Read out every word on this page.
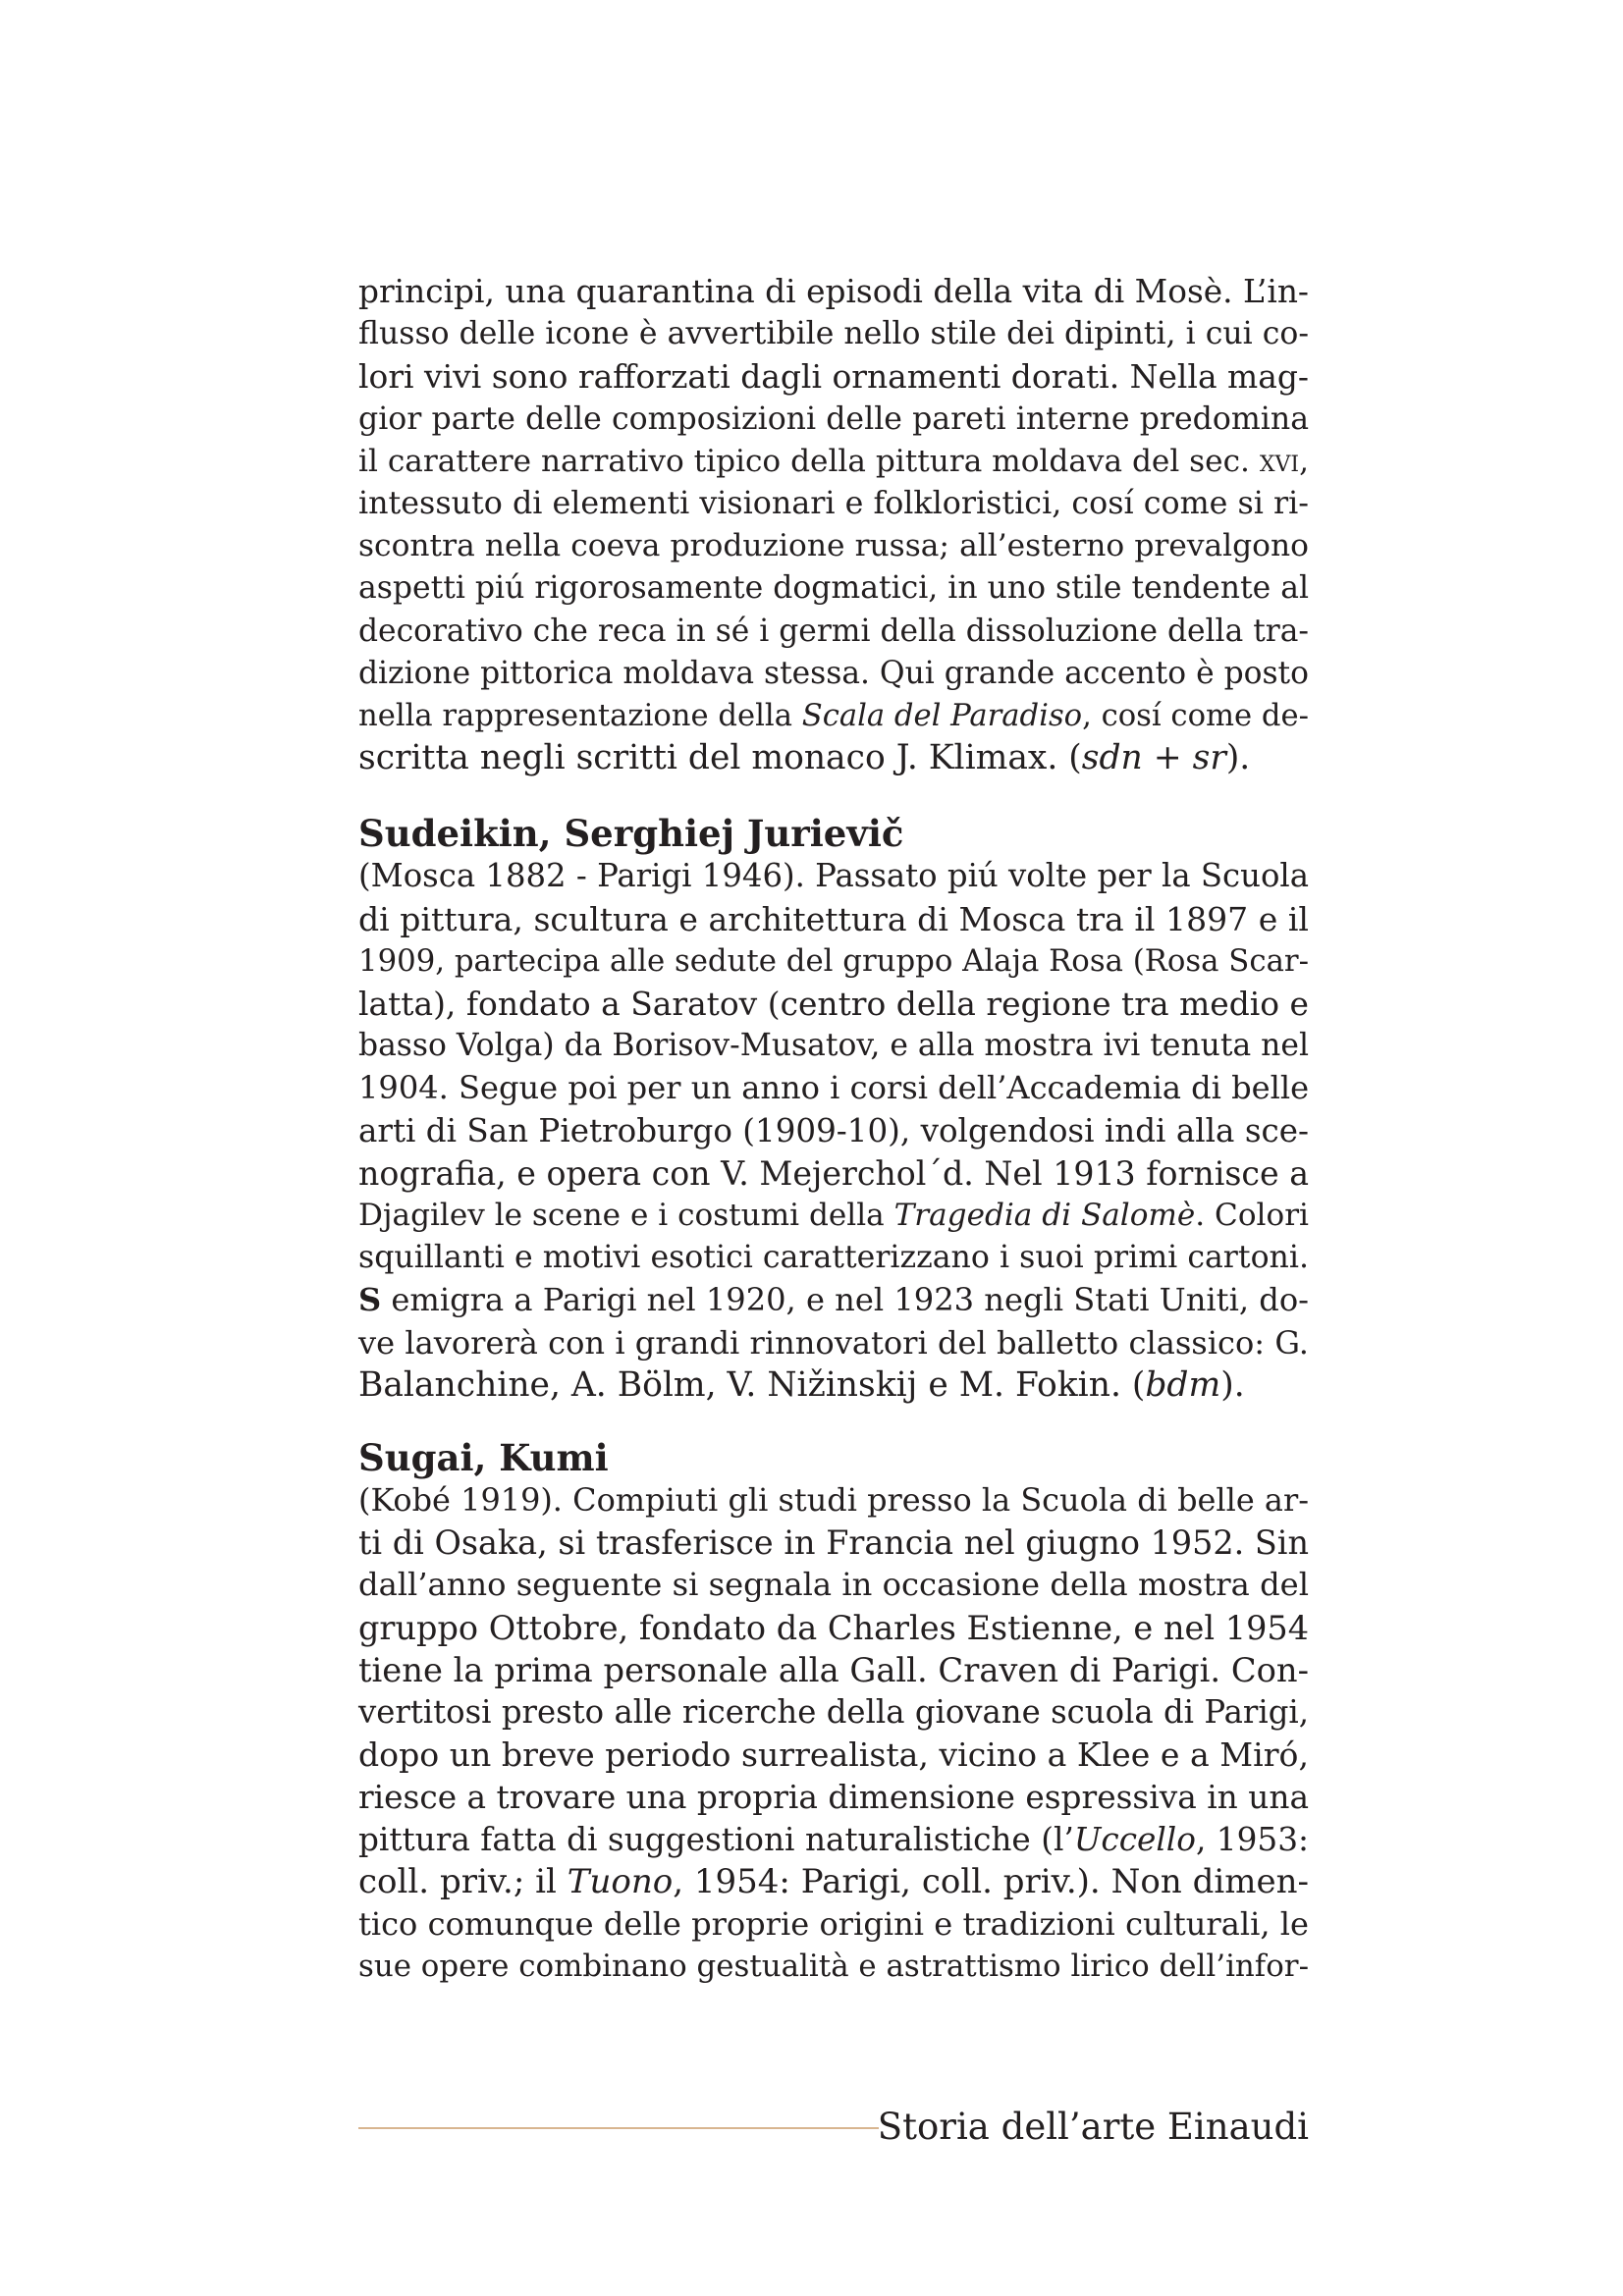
principi, una quarantina di episodi della vita di Mosè. L’in-
flusso delle icone è avvertibile nello stile dei dipinti, i cui co-
lori vivi sono rafforzati dagli ornamenti dorati. Nella mag-
gior parte delle composizioni delle pareti interne predomina
il carattere narrativo tipico della pittura moldava del sec. xvi,
intessuto di elementi visionari e folkloristici, cosí come si ri-
scontra nella coeva produzione russa; all’esterno prevalgono
aspetti piú rigorosamente dogmatici, in uno stile tendente al
decorativo che reca in sé i germi della dissoluzione della tra-
dizione pittorica moldava stessa. Qui grande accento è posto
nella rappresentazione della Scala del Paradiso, cosí come de-
scritta negli scritti del monaco J. Klimax. (sdn + sr).

Sudeikin, Serghiej Jurievič

(Mosca 1882 - Parigi 1946). Passato piú volte per la Scuola
di pittura, scultura e architettura di Mosca tra il 1897 e il
1909, partecipa alle sedute del gruppo Alaja Rosa (Rosa Scar-
latta), fondato a Saratov (centro della regione tra medio e
basso Volga) da Borisov-Musatov, e alla mostra ivi tenuta nel
1904. Segue poi per un anno i corsi dell’Accademia di belle
arti di San Pietroburgo (1909-10), volgendosi indi alla sce-
nografia, e opera con V. Mejerchol´d. Nel 1913 fornisce a
Djagilev le scene e i costumi della Tragedia di Salomè. Colori
squillanti e motivi esotici caratterizzano i suoi primi cartoni.
S emigra a Parigi nel 1920, e nel 1923 negli Stati Uniti, do-
ve lavorerà con i grandi rinnovatori del balletto classico: G.
Balanchine, A. Bölm, V. Nižinskij e M. Fokin. (bdm).

Sugai, Kumi

(Kobé 1919). Compiuti gli studi presso la Scuola di belle ar-
ti di Osaka, si trasferisce in Francia nel giugno 1952. Sin
dall’anno seguente si segnala in occasione della mostra del
gruppo Ottobre, fondato da Charles Estienne, e nel 1954
tiene la prima personale alla Gall. Craven di Parigi. Con-
vertitosi presto alle ricerche della giovane scuola di Parigi,
dopo un breve periodo surrealista, vicino a Klee e a Miró,
riesce a trovare una propria dimensione espressiva in una
pittura fatta di suggestioni naturalistiche (l’Uccello, 1953:
coll. priv.; il Tuono, 1954: Parigi, coll. priv.). Non dimen-
tico comunque delle proprie origini e tradizioni culturali, le
sue opere combinano gestualità e astrattismo lirico dell’infor-

Storia dell’arte Einaudi
